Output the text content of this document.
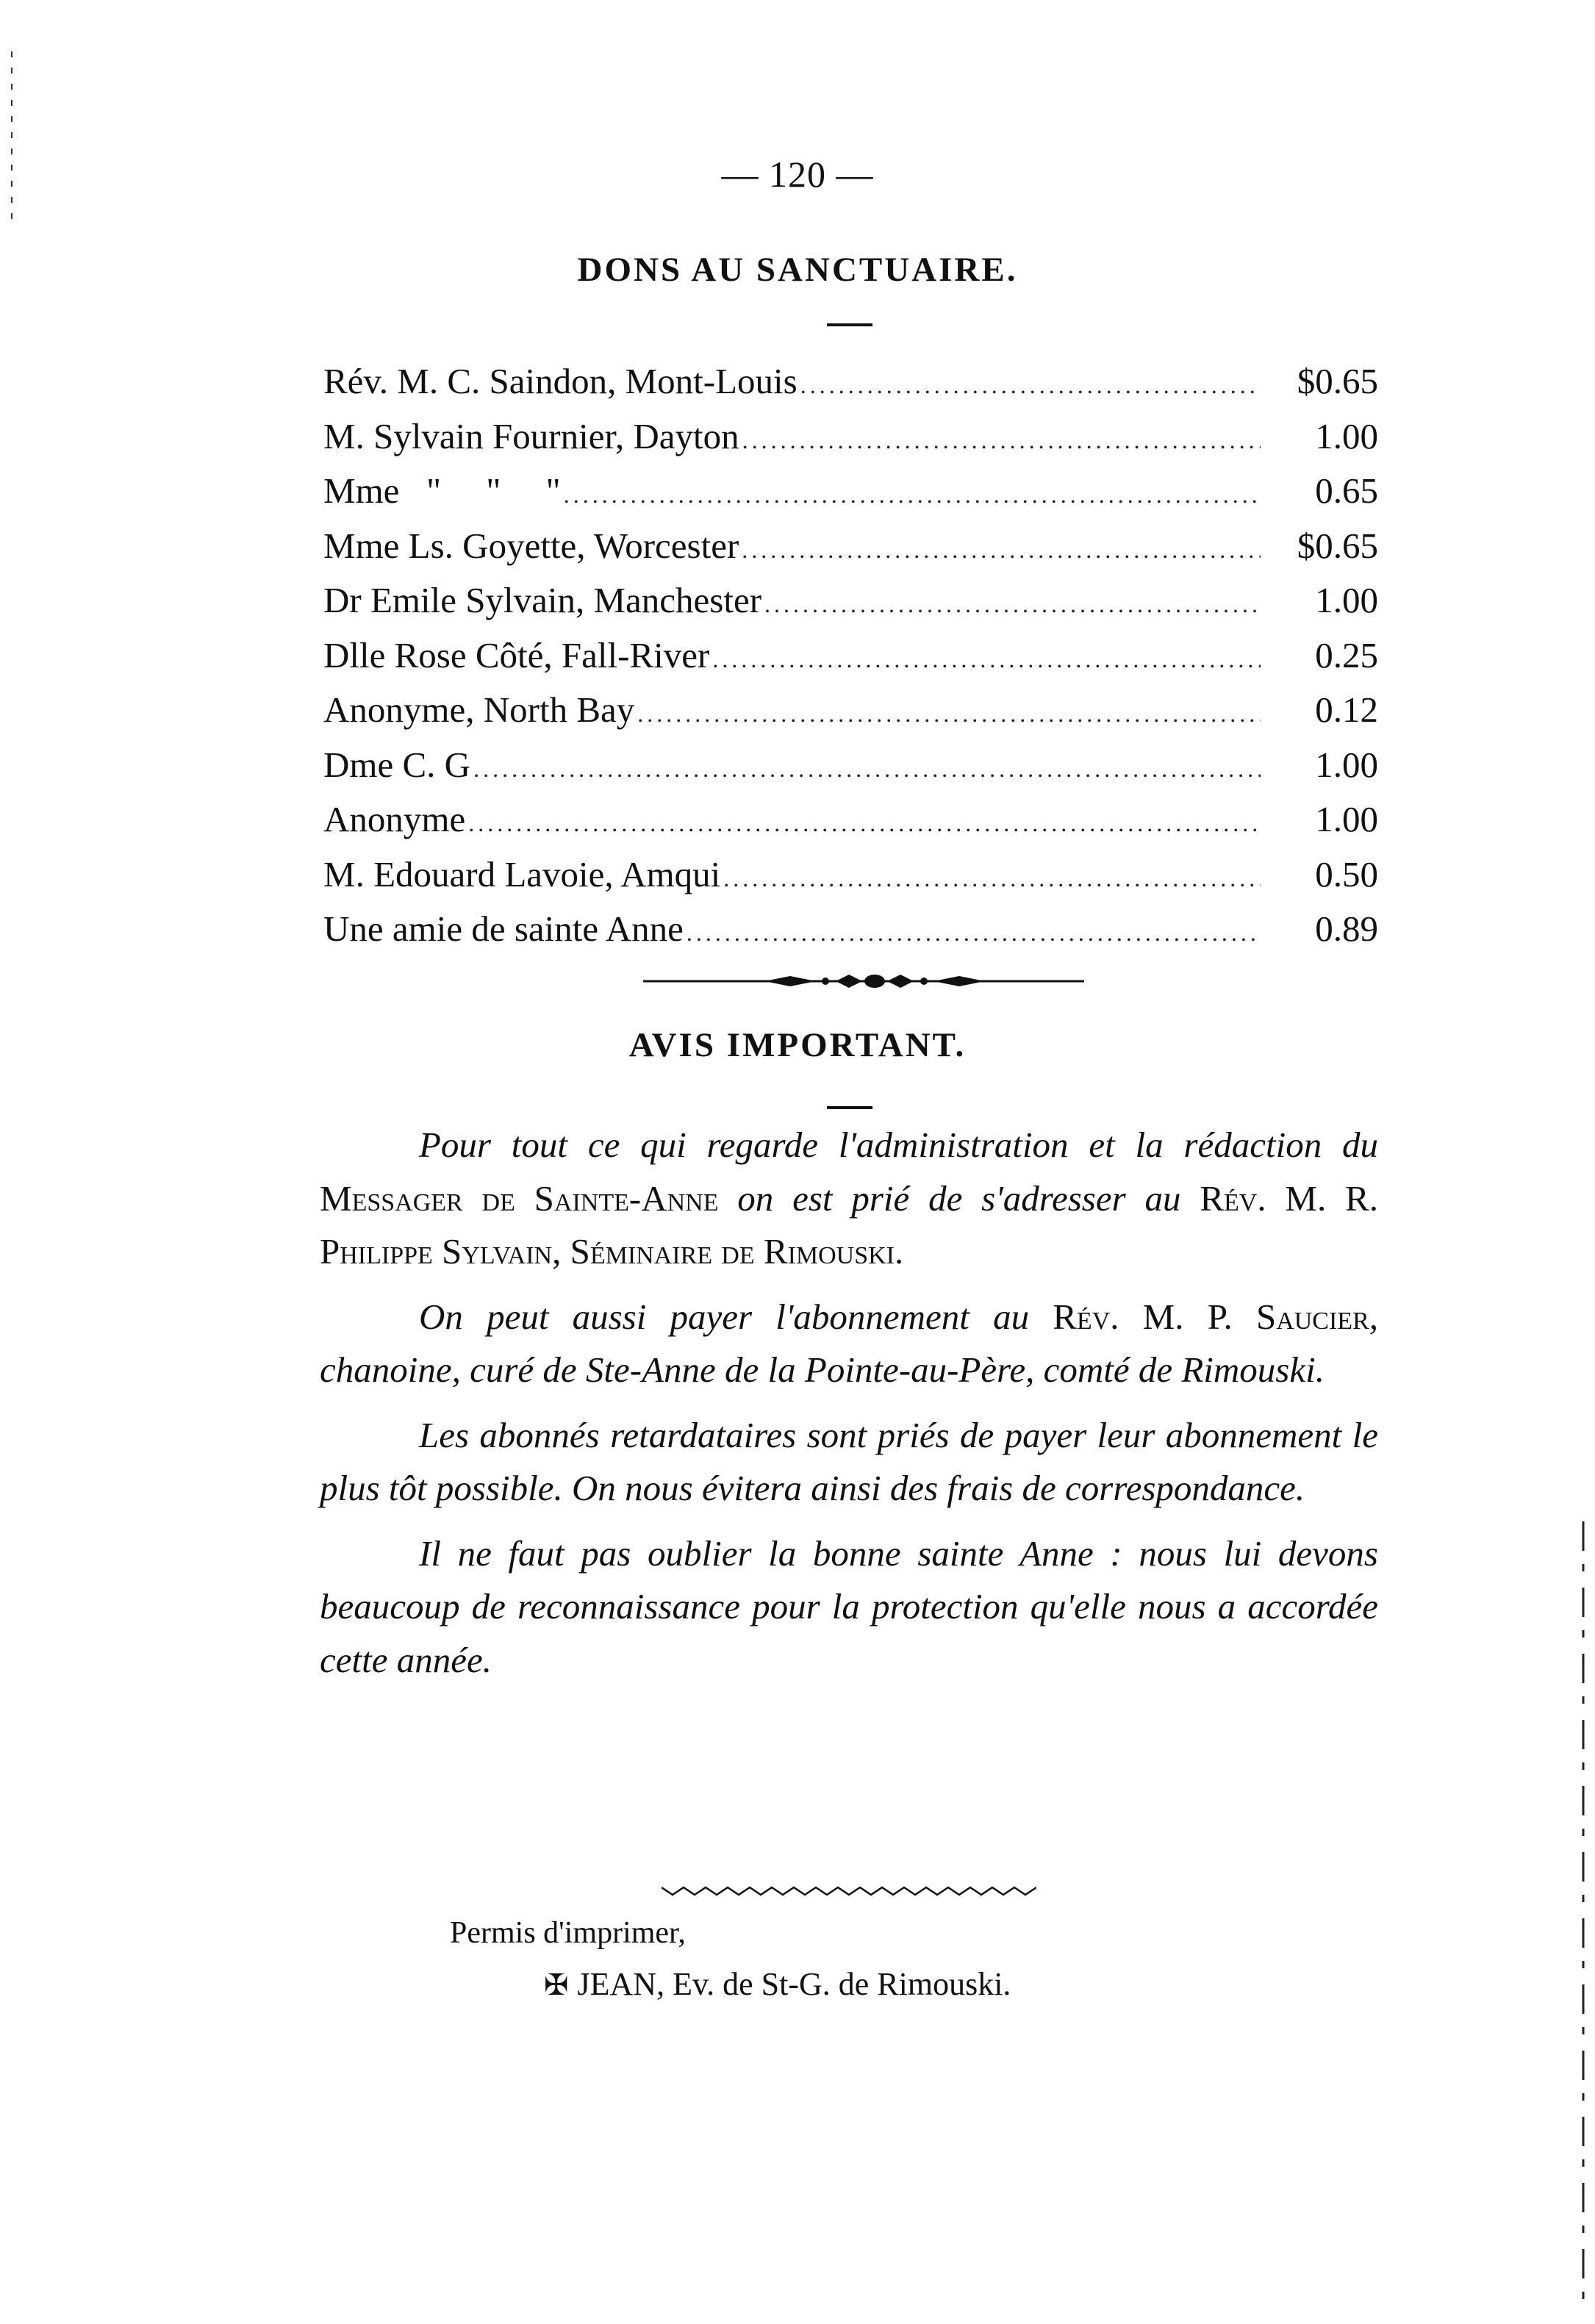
— 120 —
DONS AU SANCTUAIRE.
Rév. M. C. Saindon, Mont-Louis .....	$0.65
M. Sylvain Fournier, Dayton .....	1.00
Mme   "     "     " .....	0.65
Mme Ls. Goyette, Worcester .....	$0.65
Dr Emile Sylvain, Manchester .....	1.00
Dlle Rose Côté, Fall-River .....	0.25
Anonyme, North Bay .....	0.12
Dme C. G .....	1.00
Anonyme .....	1.00
M. Edouard Lavoie, Amqui .....	0.50
Une amie de sainte Anne .....	0.89
AVIS IMPORTANT.

Pour tout ce qui regarde l'administration et la rédaction du Messager de Sainte-Anne on est prié de s'adresser au Rév. M. R. Philippe Sylvain, Séminaire de Rimouski.

On peut aussi payer l'abonnement au Rév. M. P. Saucier, chanoine, curé de Ste-Anne de la Pointe-au-Père, comté de Rimouski.

Les abonnés retardataires sont priés de payer leur abonnement le plus tôt possible. On nous évitera ainsi des frais de correspondance.

Il ne faut pas oublier la bonne sainte Anne : nous lui devons beaucoup de reconnaissance pour la protection qu'elle nous a accordée cette année.

Permis d'imprimer,
✠ JEAN, Ev. de St-G. de Rimouski.
